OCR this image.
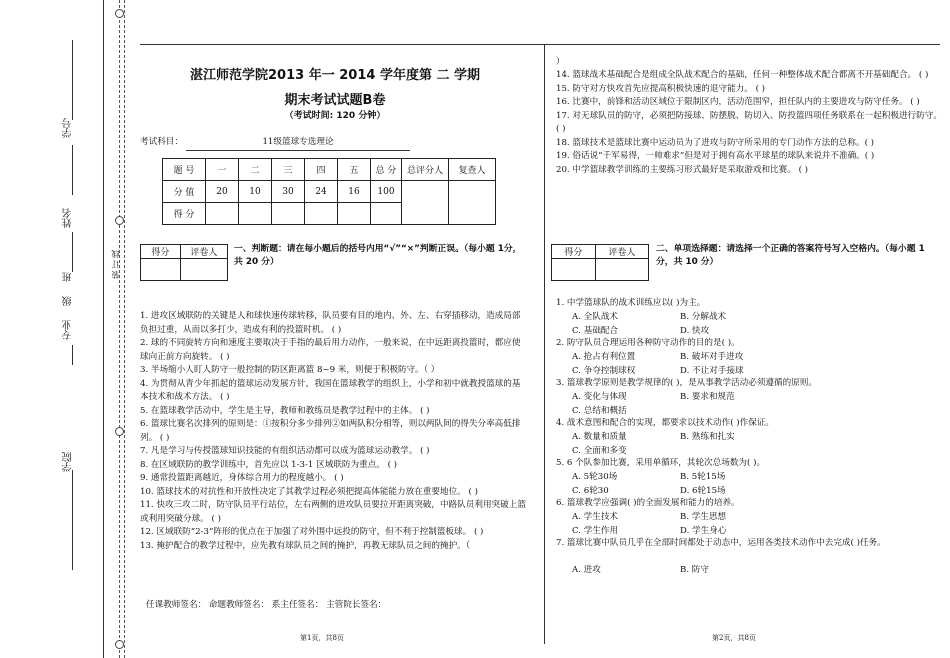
装 订 线
学号
姓名
班
级
专业
学院
湛江师范学院2013 年一 2014 学年度第 二 学期
期末考试试题B卷
（考试时间: 120 分钟）
考试科目：	11级篮球专选理论
题 号	一	二	三	四	五	总 分	总评分人	复查人
分 值	20	10	30	24	16	100		
得 分								
得分	评卷人
	一、判断题：请在每小题后的括号内用“√”“×”判断正误。（每小题 1分，共 20 分）
1. 进攻区域联防的关键是人和球快速传球转移，队员要有目的地内、外、左、右穿插移动，造成局部负担过重，从而以多打少，造成有利的投篮时机。 ( )
2. 球的不同旋转方向和速度主要取决于手指的最后用力动作，一般来说，在中远距离投篮时，都应使球向正前方向旋转。 ( )
3. 半场缩小人盯人防守一般控制的防区距离篮 8~9 米，则便于积极防守。（ ）
4. 为贯彻从青少年抓起的篮球运动发展方针，我国在篮球教学的组织上，小学和初中就教授篮球的基本技术和战术方法。 ( )
5. 在篮球教学活动中，学生是主导，教师和教练员是教学过程中的主体。 ( )
6. 篮球比赛名次排列的原则是：①按积分多少排列②如两队积分相等，则以两队间的得失分率高低排列。 ( )
7. 凡是学习与传授篮球知识技能的有组织活动都可以成为篮球运动教学。 ( )
8. 在区域联防的教学训练中，首先应以 1-3-1 区域联防为重点。 ( )
9. 通常投篮距离越近，身体综合用力的程度越小。 ( )
10. 篮球技术的对抗性和开放性决定了其教学过程必须把提高体能能力放在重要地位。 ( )
11. 快攻三攻二时，防守队员平行站位，左右两侧的进攻队员要拉开距离突破，中路队员利用突破上篮或利用突破分球。 ( )
12. 区域联防“2-3”阵形的优点在于加强了对外围中远投的防守，但不利于控制篮板球。 ( )
13. 掩护配合的教学过程中，应先教有球队员之间的掩护，再教无球队员之间的掩护。（
任课教师签名： 命题教师签名： 系主任签名： 主管院长签名：
第1页，共8页
）
14. 篮球战术基础配合是组成全队战术配合的基础，任何一种整体战术配合都离不开基础配合。 ( )
15. 防守对方快攻首先应提高积极快速的退守能力。 ( )
16. 比赛中，前锋和活动区域位于限制区内，活动范围窄，担任队内的主要进攻与防守任务。 ( )
17. 对无球队员的防守，必须把防接球、防摆脱、防切入、防投篮四项任务联系在一起积极进行防守。 ( )
18. 篮球技术是篮球比赛中运动员为了进攻与防守所采用的专门动作方法的总称。( )
19. 俗话说“千军易得，一帅难求”但是对于拥有高水平球星的球队来说并不准确。( )
20. 中学篮球教学训练的主要练习形式最好是采取游戏和比赛。 ( )
得分	评卷人
	二、单项选择题：请选择一个正确的答案符号写入空格内。（每小题 1 分，共 10 分）
1. 中学篮球队的战术训练应以( )为主。
A. 全队战术	B. 分解战术
C. 基础配合	D. 快攻
2. 防守队员合理运用各种防守动作的目的是( )。
A. 抢占有利位置	B. 破坏对手进攻
C. 争夺控制球权	D. 不让对手接球
3. 篮球教学原则是教学规律的( )，是从事教学活动必须遵循的原则。
A. 变化与体现	B. 要求和规范
C. 总结和概括
4. 战术意图和配合的实现，都要求以技术动作( )作保证。
A. 数量和质量	B. 熟练和扎实
C. 全面和多变
5. 6 个队参加比赛，采用单循环，其轮次总场数为( )。
A. 5轮30场	B. 5轮15场
C. 6轮30	D. 6轮15场
6. 篮球教学应强调( )的全面发展和能力的培养。
A. 学生技术	B. 学生思想
C. 学生作用	D. 学生身心
7. 篮球比赛中队员几乎在全部时间都处于动态中，运用各类技术动作中去完成( )任务。
A. 进攻	B. 防守
第2页，共8页
